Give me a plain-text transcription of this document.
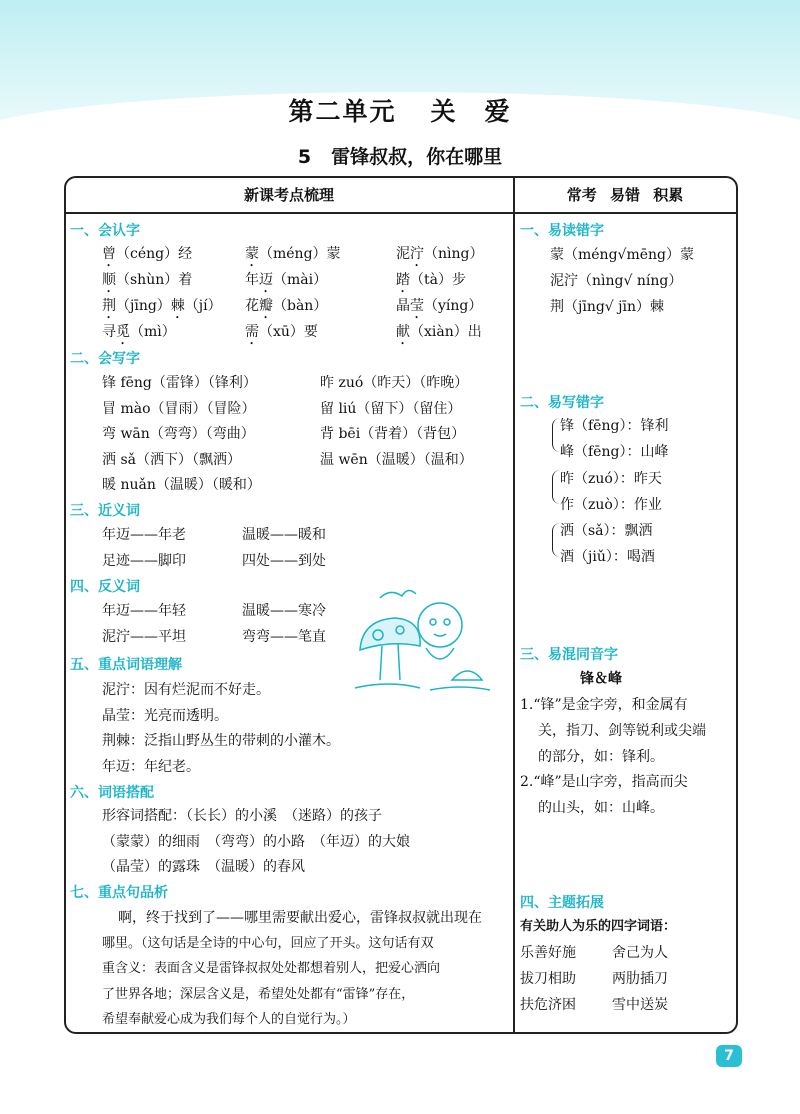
第二单元 关　爱
5 雷锋叔叔，你在哪里
新课考点梳理	常考 易错 积累
一、会认字
曾（céng）经	蒙（méng）蒙	泥泞（nìng）
顺（shùn）着	年迈（mài）	踏（tà）步
荆（jīng）棘（jí） 花瓣（bàn）	晶莹（yíng）
寻觅（mì）	需（xū）要	献（xiàn）出
二、会写字
锋 fēng（雷锋）（锋利）	昨 zuó（昨天）（昨晚）
冒 mào（冒雨）（冒险）	留 liú（留下）（留住）
弯 wān（弯弯）（弯曲）	背 bēi（背着）（背包）
洒 sǎ（洒下）（飘洒）	温 wēn（温暖）（温和）
暖 nuǎn（温暖）（暖和）
三、近义词
年迈——年老	温暖——暖和
足迹——脚印	四处——到处
四、反义词
年迈——年轻	温暖——寒冷
泥泞——平坦	弯弯——笔直
五、重点词语理解
泥泞：因有烂泥而不好走。
晶莹：光亮而透明。
荆棘：泛指山野丛生的带刺的小灌木。
年迈：年纪老。
六、词语搭配
形容词搭配：（长长）的小溪　（迷路）的孩子
（蒙蒙）的细雨　（弯弯）的小路　（年迈）的大娘
（晶莹）的露珠　（温暖）的春风
七、重点句品析
啊，终于找到了——哪里需要献出爱心，雷锋叔叔就出现在
哪里。（这句话是全诗的中心句，回应了开头。这句话有双
重含义：表面含义是雷锋叔叔处处都想着别人，把爱心洒向
了世界各地；深层含义是，希望处处都有“雷锋”存在，
希望奉献爱心成为我们每个人的自觉行为。）
一、易读错字
蒙（méng√mēng）蒙
泥泞（nìng√ níng）
荆（jīng√ jīn）棘
二、易写错字
锋（fēng）：锋利
峰（fēng）：山峰
昨（zuó）：昨天
作（zuò）：作业
洒（sǎ）：飘洒
酒（jiǔ）：喝酒
三、易混同音字
锋＆峰
1.“锋”是金字旁，和金属有
关，指刀、剑等锐利或尖端
的部分，如：锋利。
2.“峰”是山字旁，指高而尖
的山头，如：山峰。
四、主题拓展
有关助人为乐的四字词语：
乐善好施	舍己为人
拔刀相助	两肋插刀
扶危济困	雪中送炭
7
